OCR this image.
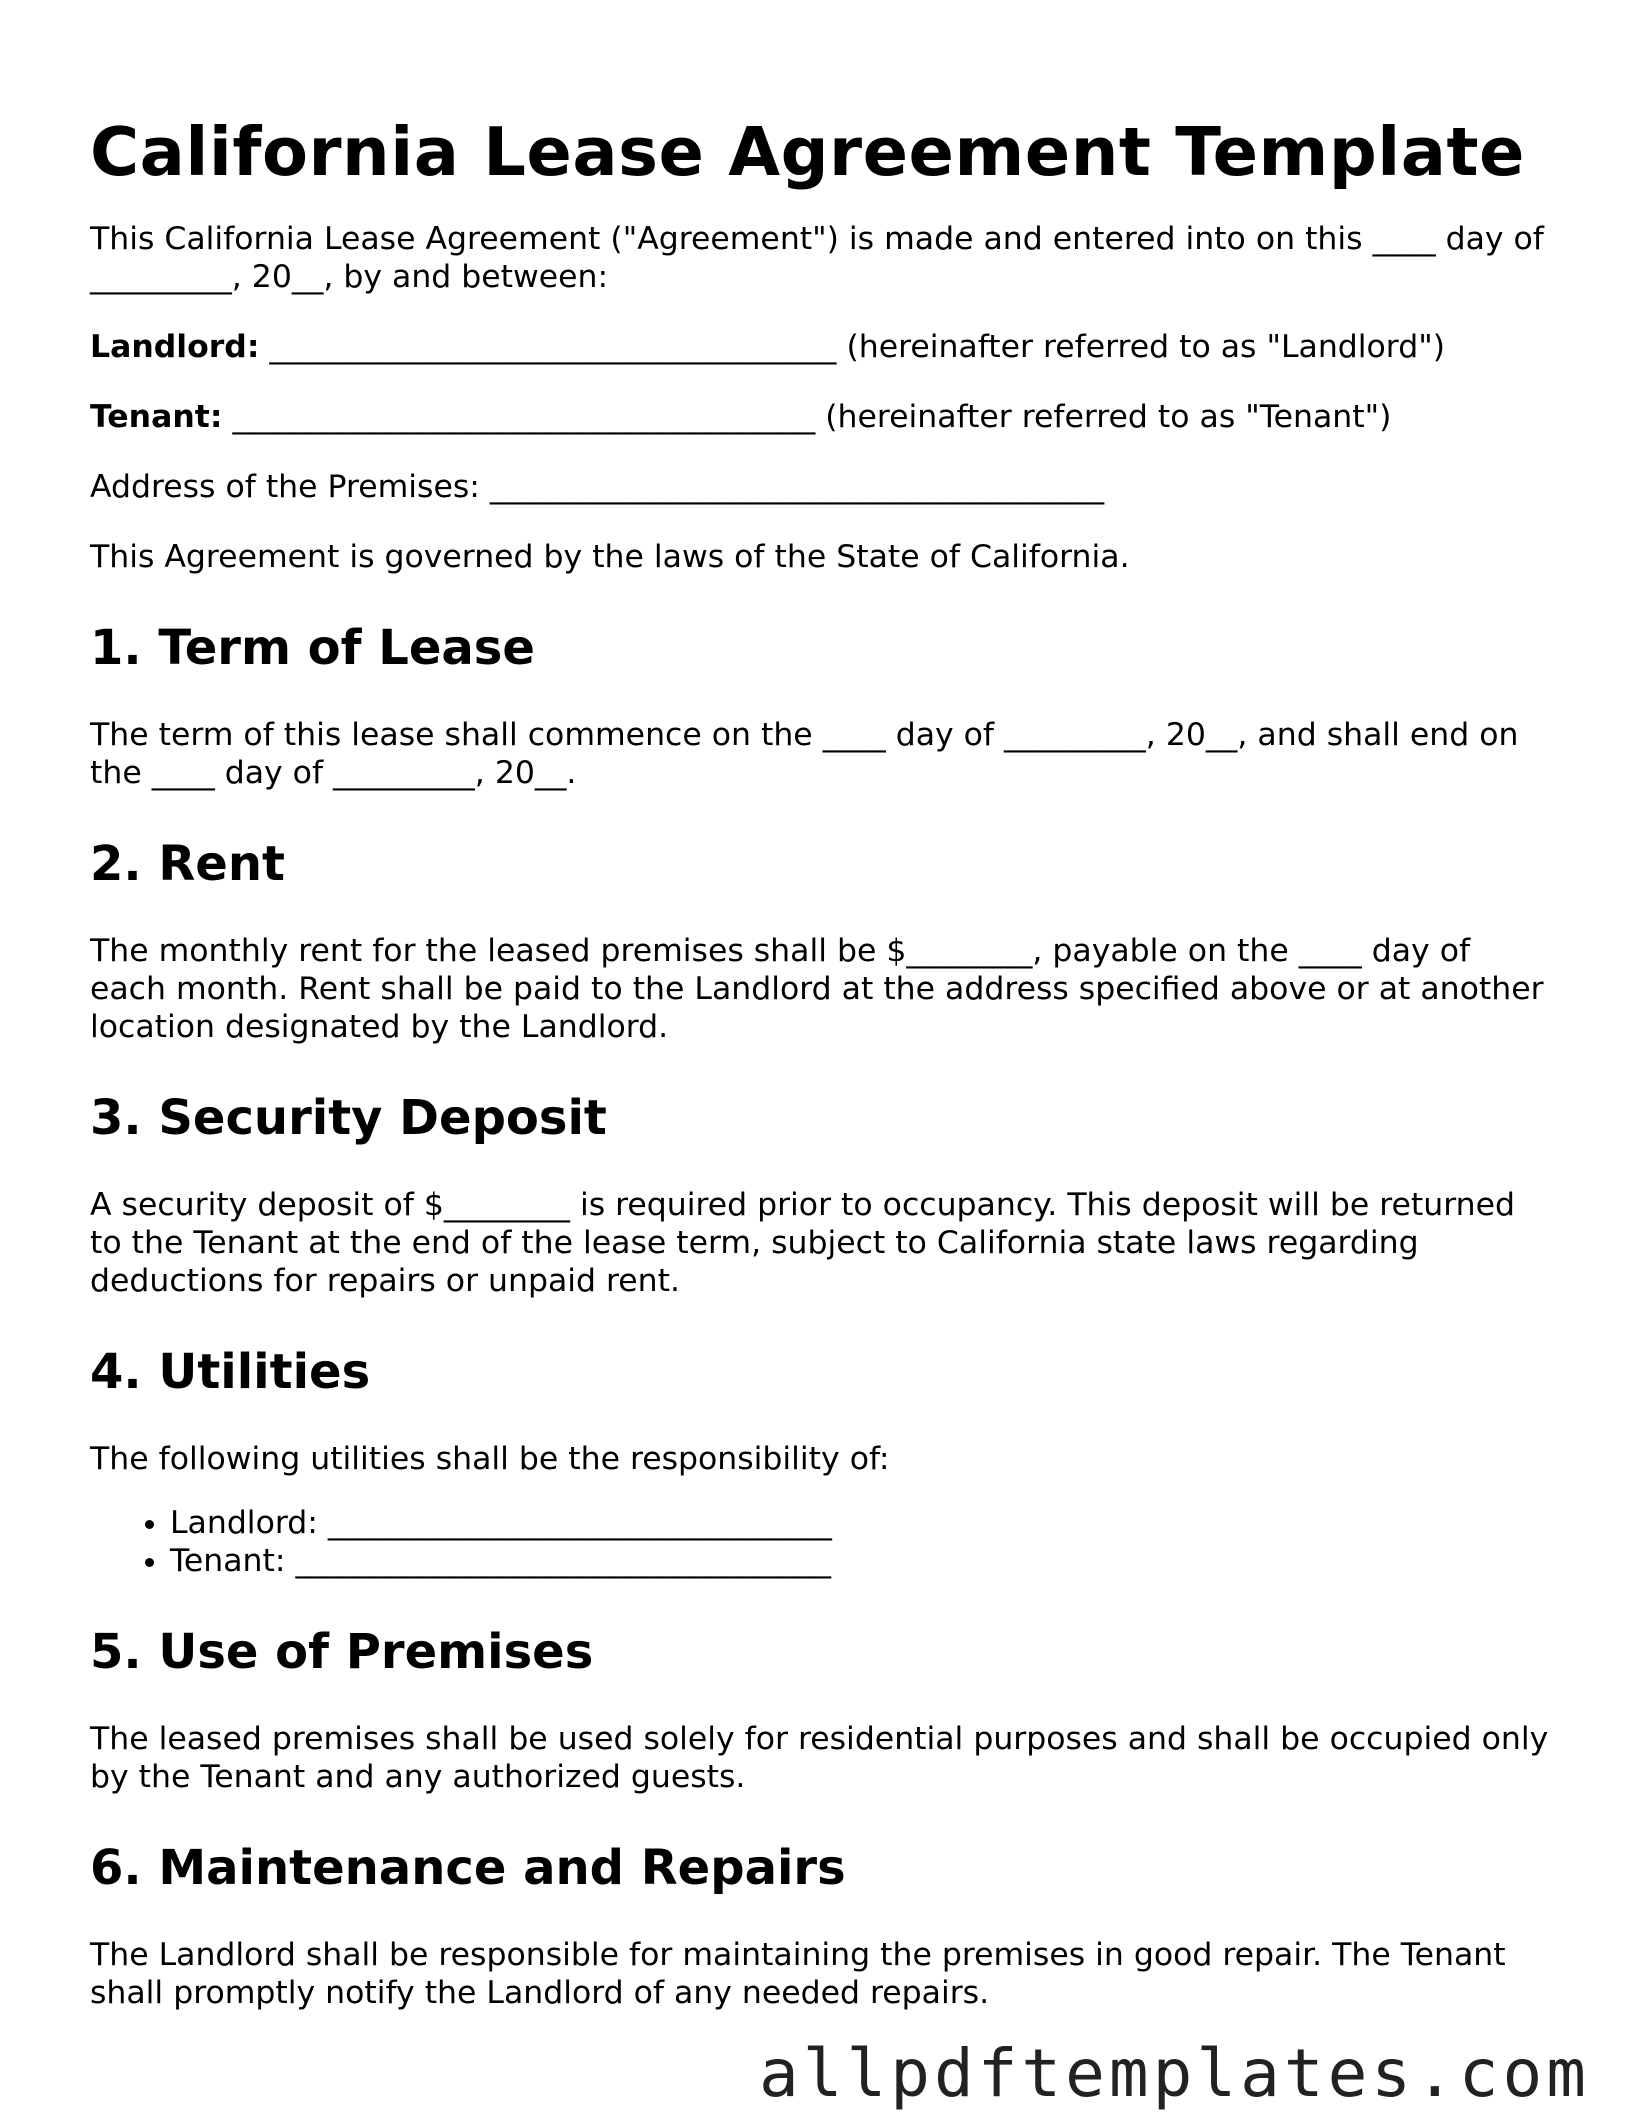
California Lease Agreement Template

This California Lease Agreement ("Agreement") is made and entered into on this ____ day of _________, 20__, by and between:

Landlord: ____________________________________ (hereinafter referred to as "Landlord")

Tenant: _____________________________________ (hereinafter referred to as "Tenant")

Address of the Premises: _______________________________________

This Agreement is governed by the laws of the State of California.

1. Term of Lease

The term of this lease shall commence on the ____ day of _________, 20__, and shall end on the ____ day of _________, 20__.

2. Rent

The monthly rent for the leased premises shall be $________, payable on the ____ day of each month. Rent shall be paid to the Landlord at the address specified above or at another location designated by the Landlord.

3. Security Deposit

A security deposit of $________ is required prior to occupancy. This deposit will be returned to the Tenant at the end of the lease term, subject to California state laws regarding deductions for repairs or unpaid rent.

4. Utilities

The following utilities shall be the responsibility of:

• Landlord: ________________________________
• Tenant: __________________________________
5. Use of Premises

The leased premises shall be used solely for residential purposes and shall be occupied only by the Tenant and any authorized guests.

6. Maintenance and Repairs

The Landlord shall be responsible for maintaining the premises in good repair. The Tenant shall promptly notify the Landlord of any needed repairs.

allpdftemplates.com
